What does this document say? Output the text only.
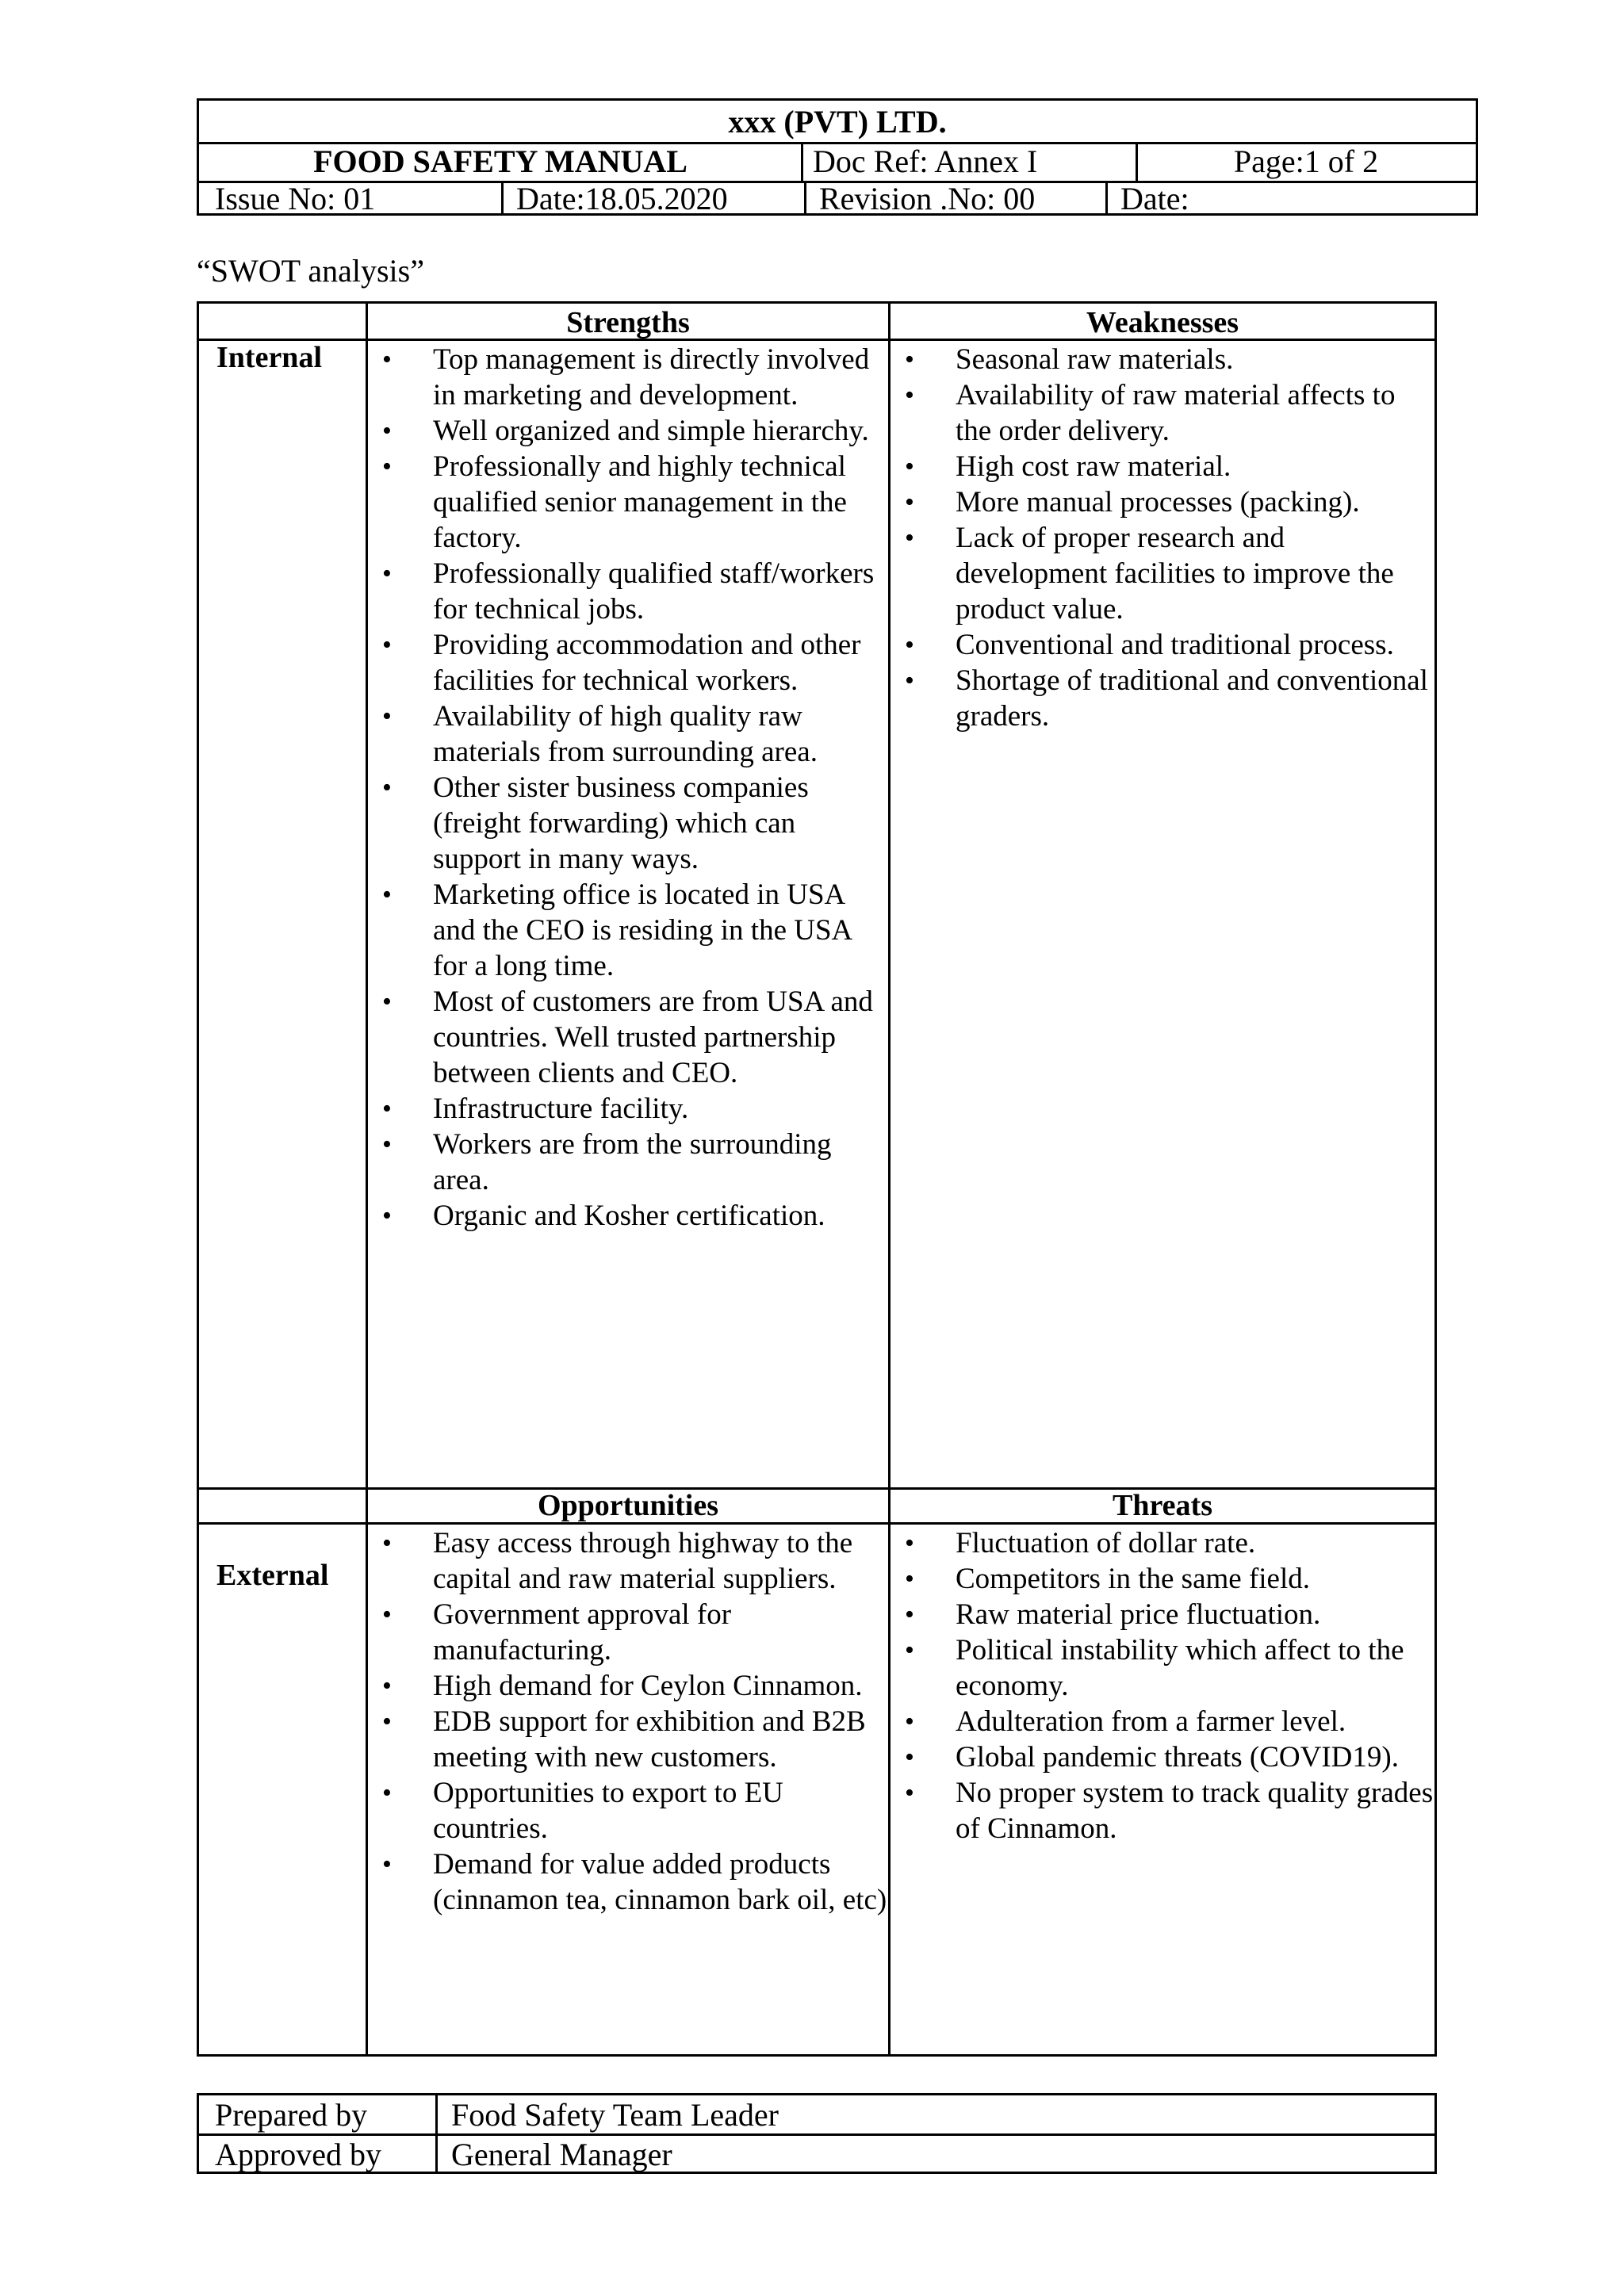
xxx (PVT) LTD.
FOOD SAFETY MANUAL	Doc Ref: Annex I	Page:1 of 2
Issue No: 01	Date:18.05.2020	Revision .No: 00	Date:
“SWOT analysis”
Strengths	Weaknesses
Internal
•	Top management is directly involved in marketing and development.
• Well organized and simple hierarchy.
• Professionally and highly technical qualified senior management in the factory.
• Professionally qualified staff/workers for technical jobs.
• Providing accommodation and other facilities for technical workers.
• Availability of high quality raw materials from surrounding area.
• Other sister business companies (freight forwarding) which can support in many ways.
• Marketing office is located in USA and the CEO is residing in the USA for a long time.
• Most of customers are from USA and countries. Well trusted partnership between clients and CEO.
• Infrastructure facility.
• Workers are from the surrounding area.
• Organic and Kosher certification.
• Seasonal raw materials.
• Availability of raw material affects to the order delivery.
• High cost raw material.
• More manual processes (packing).
• Lack of proper research and development facilities to improve the product value.
• Conventional and traditional process.
• Shortage of traditional and conventional graders.
Opportunities	Threats
External
• Easy access through highway to the capital and raw material suppliers.
• Government approval for manufacturing.
• High demand for Ceylon Cinnamon.
• EDB support for exhibition and B2B meeting with new customers.
• Opportunities to export to EU countries.
• Demand for value added products (cinnamon tea, cinnamon bark oil, etc)
• Fluctuation of dollar rate.
• Competitors in the same field.
• Raw material price fluctuation.
• Political instability which affect to the economy.
• Adulteration from a farmer level.
• Global pandemic threats (COVID19).
• No proper system to track quality grades of Cinnamon.
Prepared by	Food Safety Team Leader
Approved by General Manager
